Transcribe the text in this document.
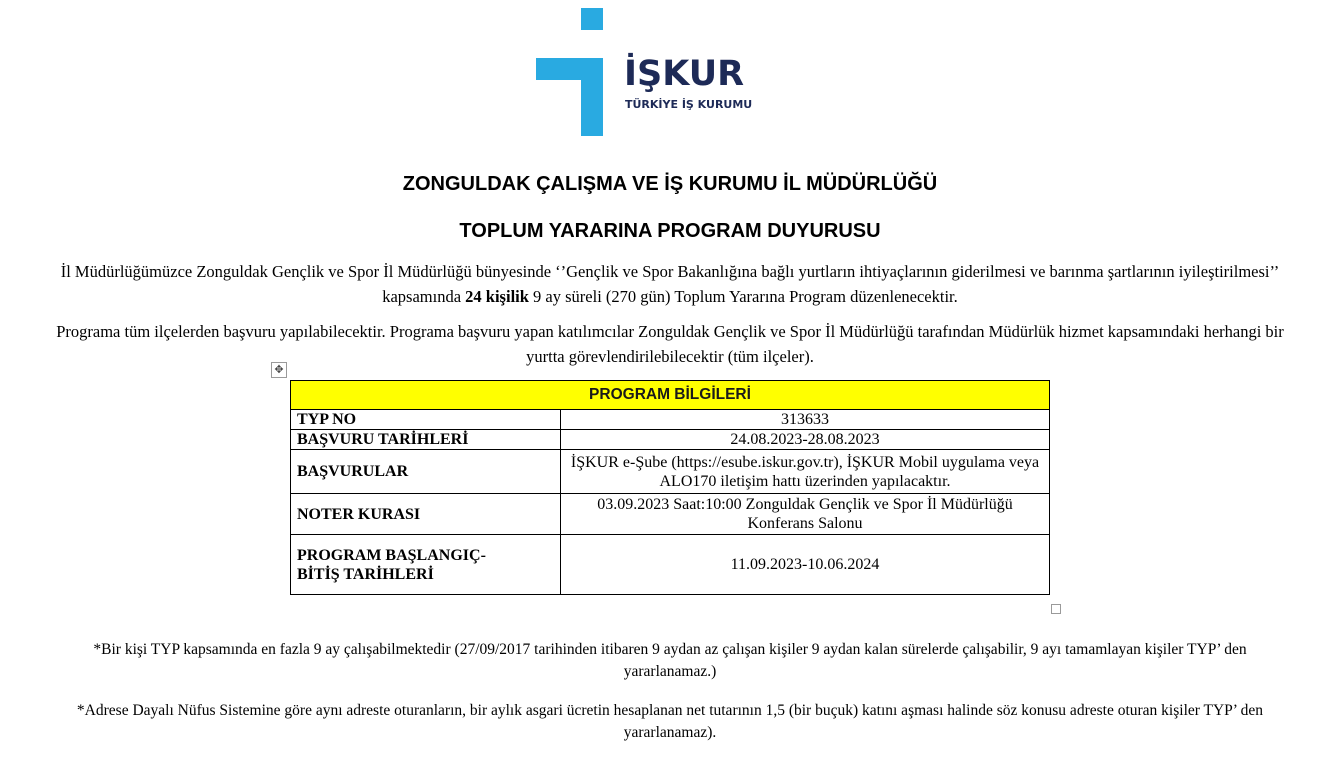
İŞKUR
TÜRKİYE İŞ KURUMU
ZONGULDAK ÇALIŞMA VE İŞ KURUMU İL MÜDÜRLÜĞÜ
TOPLUM YARARINA PROGRAM DUYURUSU
İl Müdürlüğümüzce Zonguldak Gençlik ve Spor İl Müdürlüğü bünyesinde ‘’Gençlik ve Spor Bakanlığına bağlı yurtların ihtiyaçlarının giderilmesi ve barınma şartlarının iyileştirilmesi’’ kapsamında 24 kişilik 9 ay süreli (270 gün) Toplum Yararına Program düzenlenecektir.
Programa tüm ilçelerden başvuru yapılabilecektir. Programa başvuru yapan katılımcılar Zonguldak Gençlik ve Spor İl Müdürlüğü tarafından Müdürlük hizmet kapsamındaki herhangi bir yurtta görevlendirilebilecektir (tüm ilçeler).
✥
PROGRAM BİLGİLERİ	
TYP NO	313633
BAŞVURU TARİHLERİ	24.08.2023-28.08.2023
BAŞVURULAR	İŞKUR e-Şube (https://esube.iskur.gov.tr), İŞKUR Mobil uygulama veya ALO170 iletişim hattı üzerinden yapılacaktır.
NOTER KURASI	03.09.2023 Saat:10:00 Zonguldak Gençlik ve Spor İl Müdürlüğü Konferans Salonu
PROGRAM BAŞLANGIÇ- BİTİŞ TARİHLERİ	11.09.2023-10.06.2024
*Bir kişi TYP kapsamında en fazla 9 ay çalışabilmektedir (27/09/2017 tarihinden itibaren 9 aydan az çalışan kişiler 9 aydan kalan sürelerde çalışabilir, 9 ayı tamamlayan kişiler TYP’ den yararlanamaz.)
*Adrese Dayalı Nüfus Sistemine göre aynı adreste oturanların, bir aylık asgari ücretin hesaplanan net tutarının 1,5 (bir buçuk) katını aşması halinde söz konusu adreste oturan kişiler TYP’ den yararlanamaz).
